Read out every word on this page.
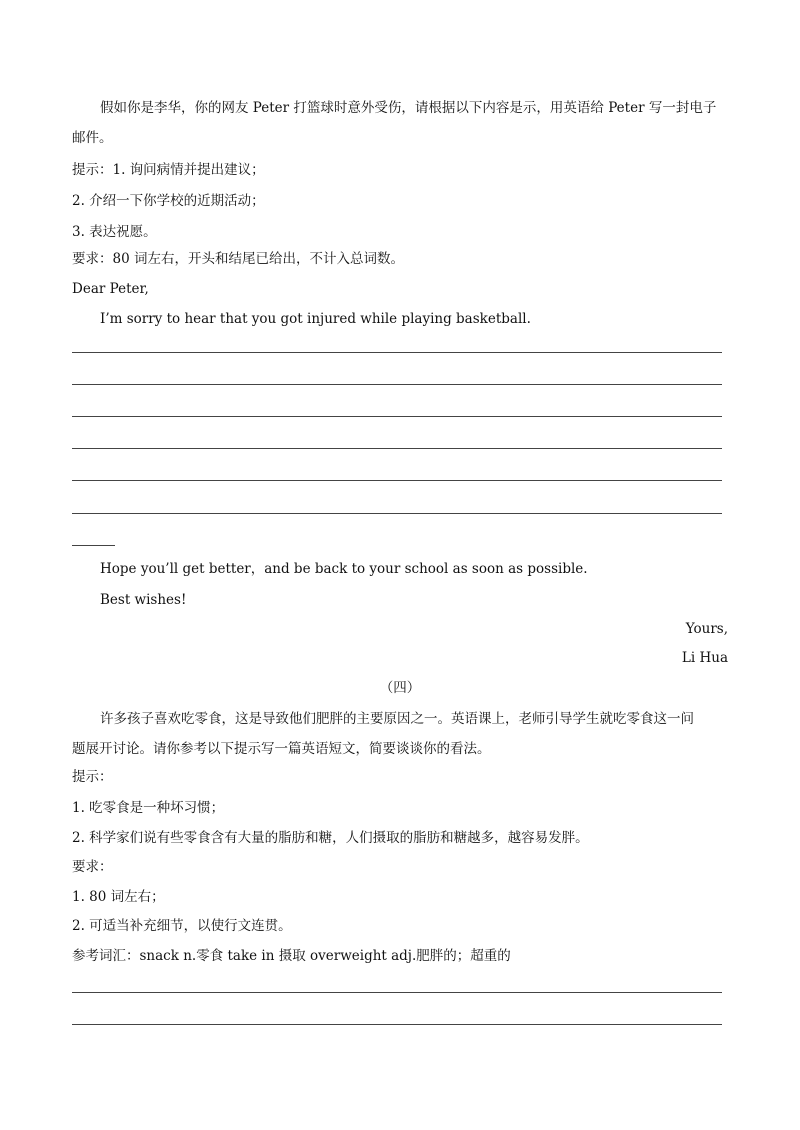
假如你是李华，你的网友 Peter 打篮球时意外受伤，请根据以下内容是示，用英语给 Peter 写一封电子
邮件。
提示：1. 询问病情并提出建议；
2. 介绍一下你学校的近期活动；
3. 表达祝愿。
要求：80 词左右，开头和结尾已给出，不计入总词数。
Dear Peter,
I’m sorry to hear that you got injured while playing basketball.
Hope you’ll get better，and be back to your school as soon as possible.
Best wishes!
Yours,
Li Hua
（四）
许多孩子喜欢吃零食，这是导致他们肥胖的主要原因之一。英语课上，老师引导学生就吃零食这一问
题展开讨论。请你参考以下提示写一篇英语短文，简要谈谈你的看法。
提示：
1. 吃零食是一种坏习惯；
2. 科学家们说有些零食含有大量的脂肪和糖，人们摄取的脂肪和糖越多，越容易发胖。
要求：
1. 80 词左右；
2. 可适当补充细节，以使行文连贯。
参考词汇：snack n.零食 take in 摄取 overweight adj.肥胖的；超重的
